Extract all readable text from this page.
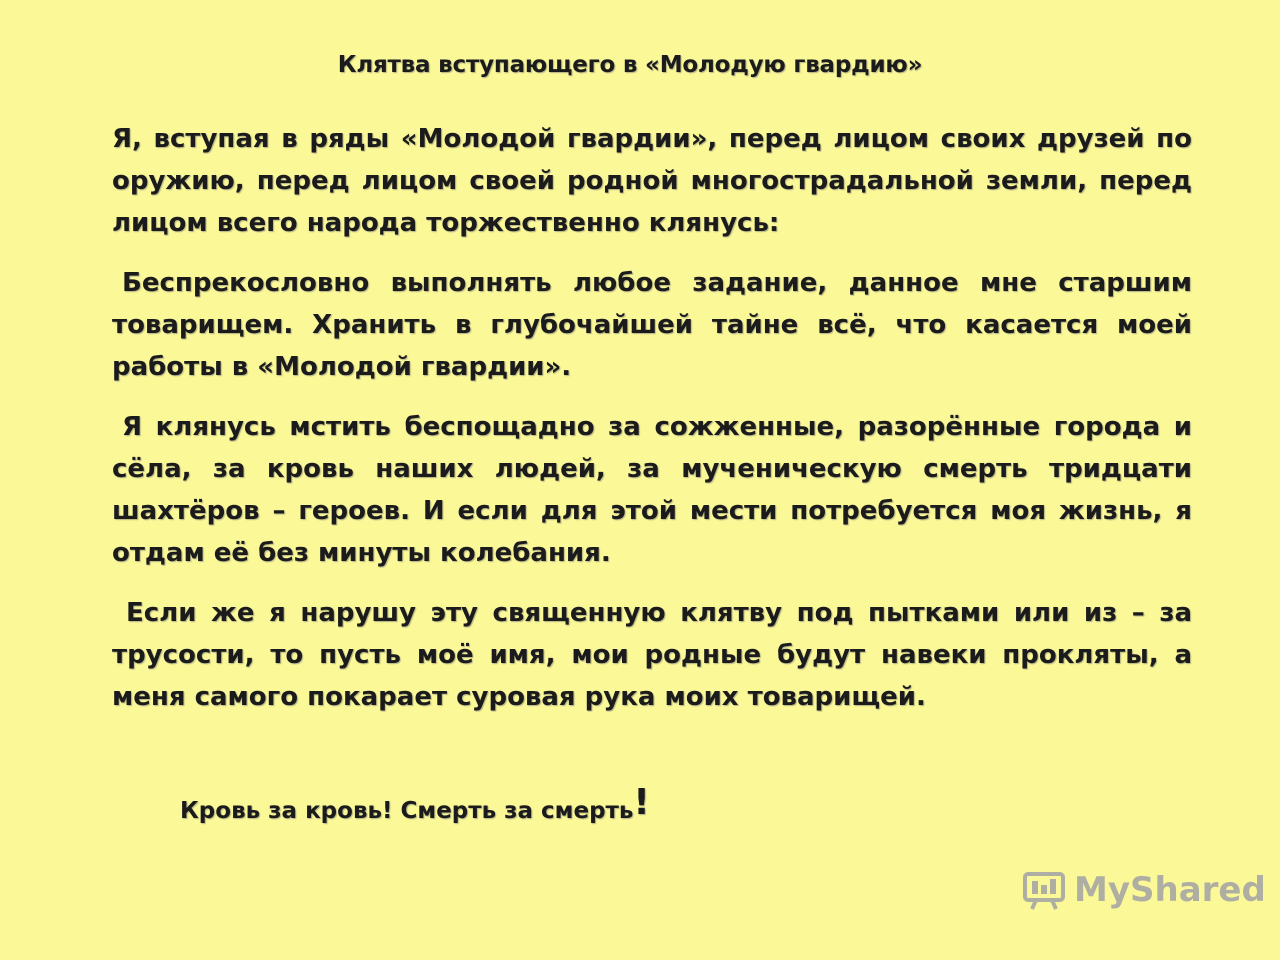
Клятва вступающего в «Молодую гвардию»

Я, вступая в ряды «Молодой гвардии», перед лицом своих друзей по оружию, перед лицом своей родной многострадальной земли, перед лицом всего народа торжественно клянусь:

Беспрекословно выполнять любое задание, данное мне старшим товарищем. Хранить в глубочайшей тайне всё, что касается моей работы в «Молодой гвардии».

Я клянусь мстить беспощадно за сожженные, разорённые города и сёла, за кровь наших людей, за мученическую смерть тридцати шахтёров – героев. И если для этой мести потребуется моя жизнь, я отдам её без минуты колебания.

Если же я нарушу эту священную клятву под пытками или из – за трусости, то пусть моё имя, мои родные будут навеки прокляты, а меня самого покарает суровая рука моих товарищей.

Кровь за кровь! Смерть за смерть!
MyShared
